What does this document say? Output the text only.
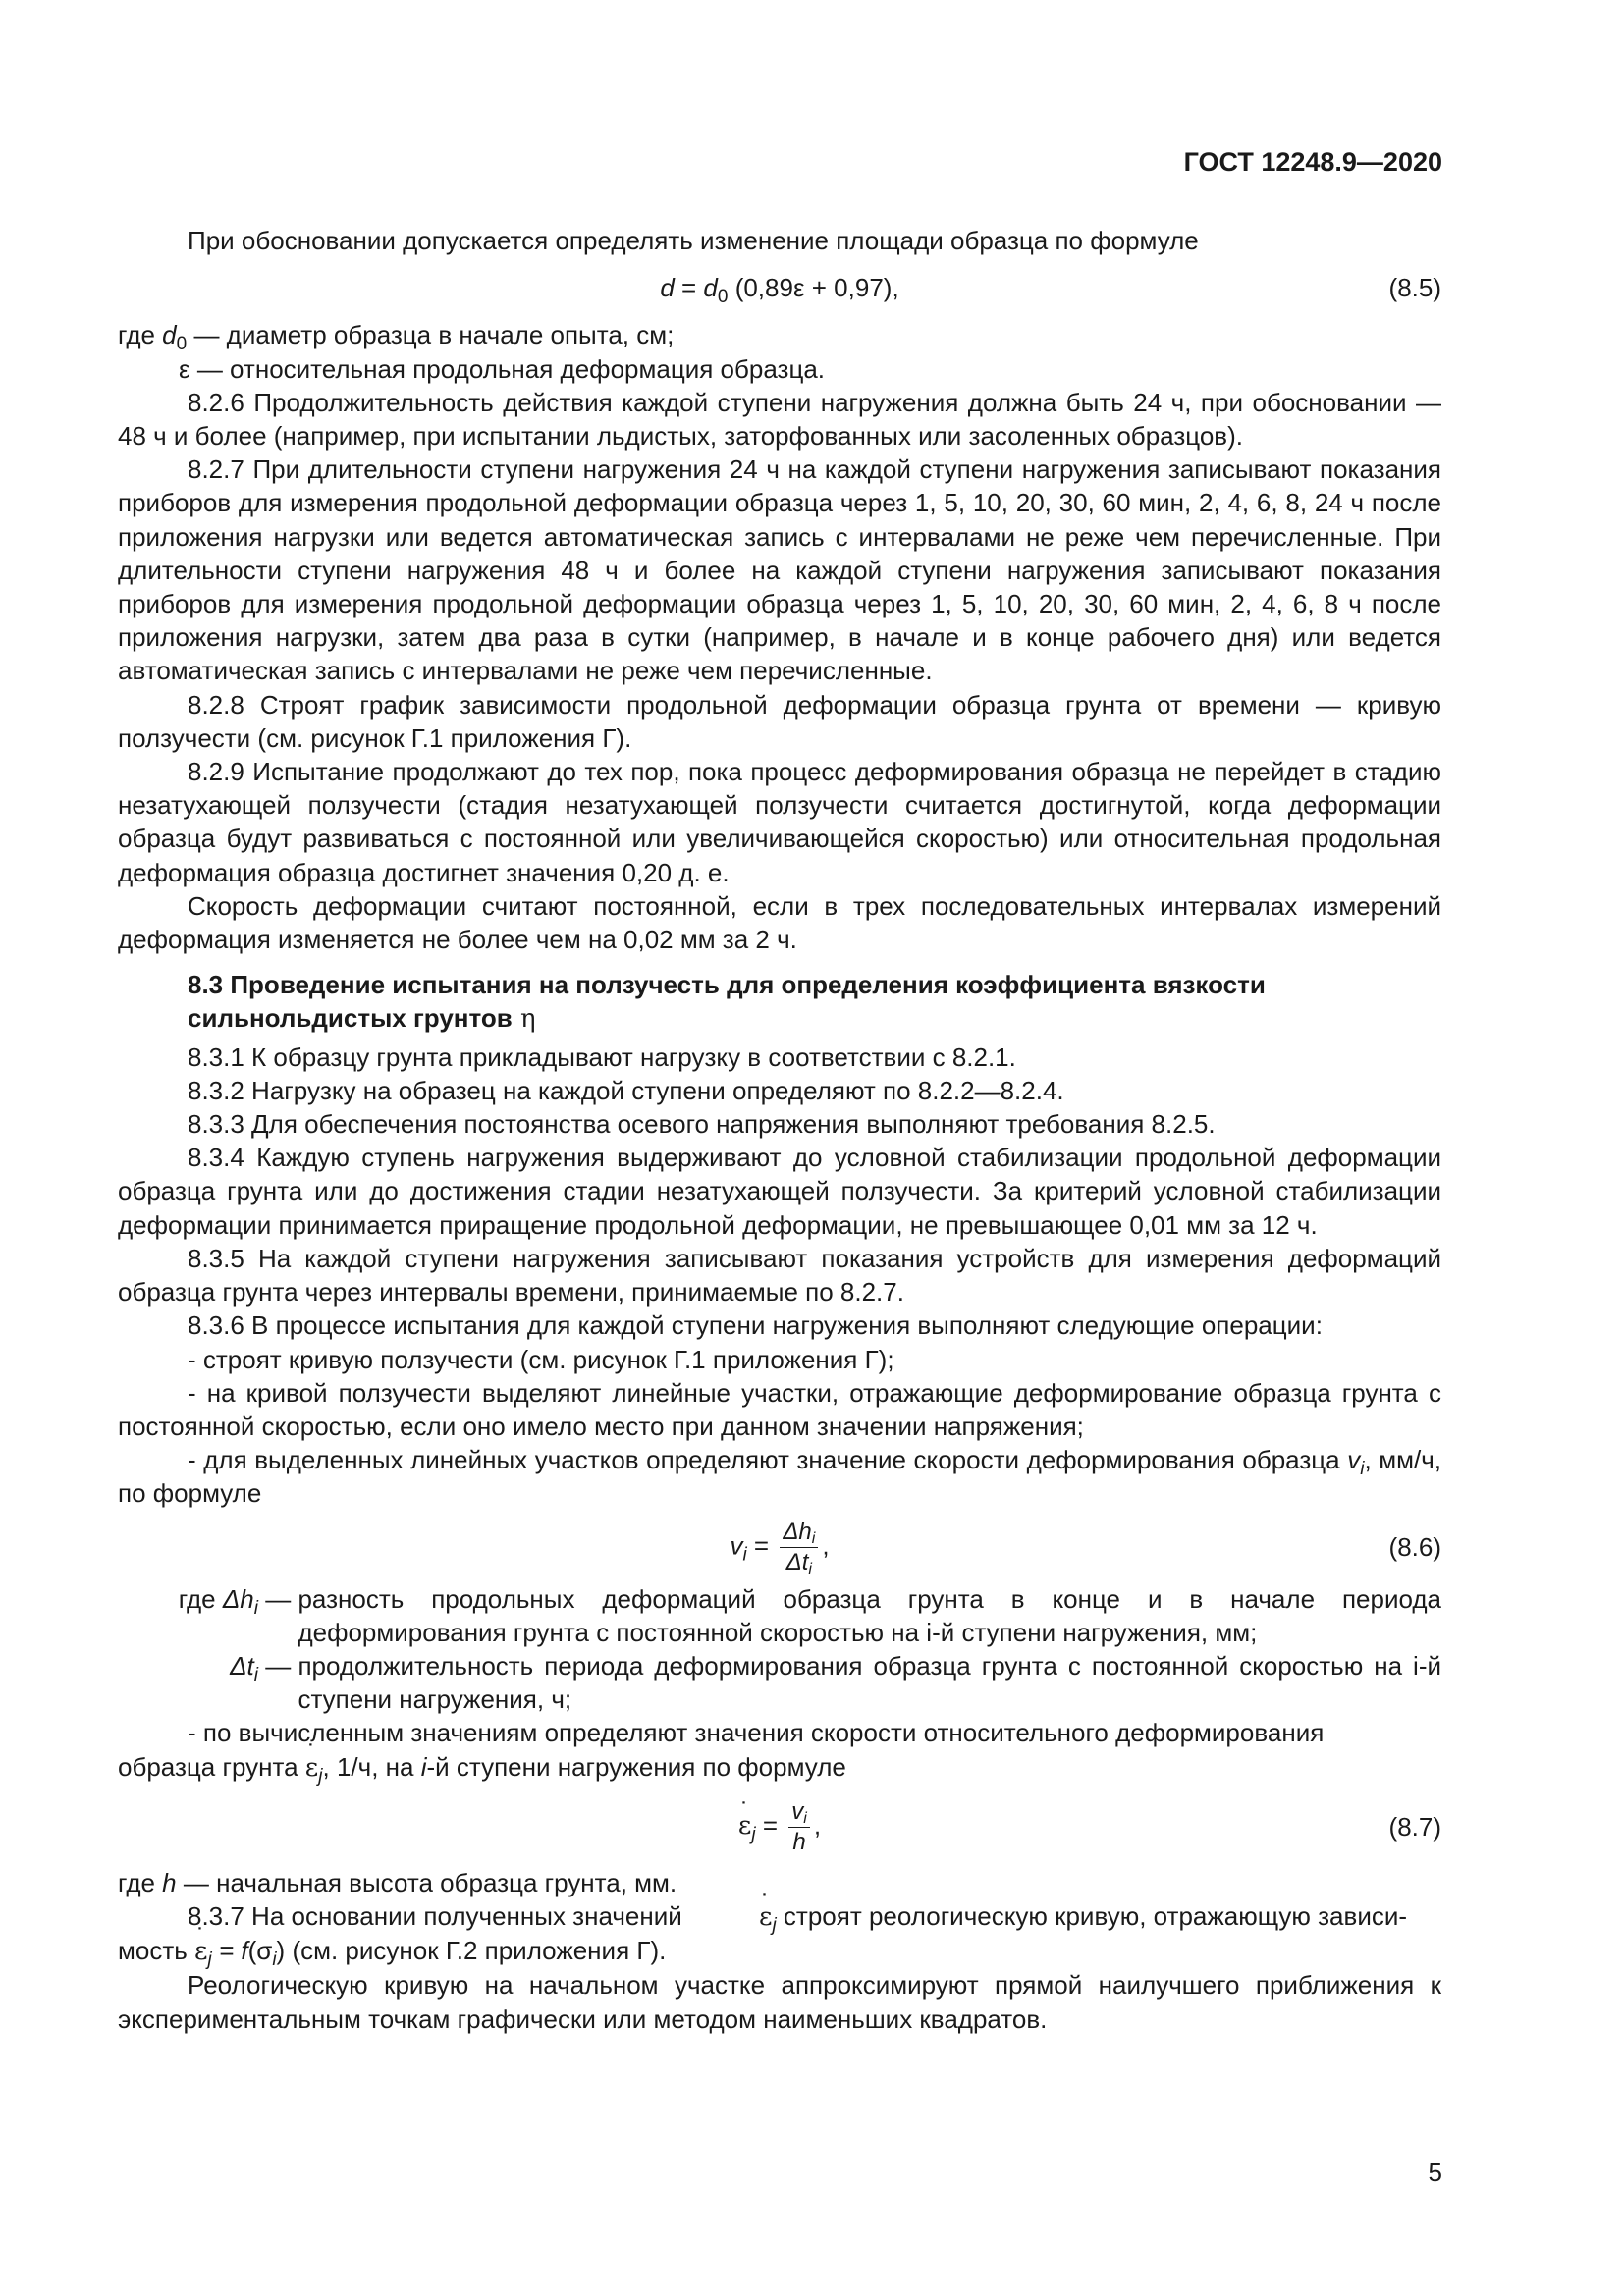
ГОСТ 12248.9—2020

При обосновании допускается определять изменение площади образца по формуле

$d = d_0$ (0,89ε + 0,97),	(8.5)

где $d_0$ — диаметр образца в начале опыта, см;

ε — относительная продольная деформация образца.

8.2.6 Продолжительность действия каждой ступени нагружения должна быть 24 ч, при обосновании — 48 ч и более (например, при испытании льдистых, заторфованных или засоленных образцов).

8.2.7 При длительности ступени нагружения 24 ч на каждой ступени нагружения записывают показания приборов для измерения продольной деформации образца через 1, 5, 10, 20, 30, 60 мин, 2, 4, 6, 8, 24 ч после приложения нагрузки или ведется автоматическая запись с интервалами не реже чем перечисленные. При длительности ступени нагружения 48 ч и более на каждой ступени нагружения записывают показания приборов для измерения продольной деформации образца через 1, 5, 10, 20, 30, 60 мин, 2, 4, 6, 8 ч после приложения нагрузки, затем два раза в сутки (например, в начале и в конце рабочего дня) или ведется автоматическая запись с интервалами не реже чем перечисленные.

8.2.8 Строят график зависимости продольной деформации образца грунта от времени — кривую ползучести (см. рисунок Г.1 приложения Г).

8.2.9 Испытание продолжают до тех пор, пока процесс деформирования образца не перейдет в стадию незатухающей ползучести (стадия незатухающей ползучести считается достигнутой, когда деформации образца будут развиваться с постоянной или увеличивающейся скоростью) или относительная продольная деформация образца достигнет значения 0,20 д. е.

Скорость деформации считают постоянной, если в трех последовательных интервалах измерений деформация изменяется не более чем на 0,02 мм за 2 ч.

8.3 Проведение испытания на ползучесть для определения коэффициента вязкости
сильнольдистых грунтов η

8.3.1 К образцу грунта прикладывают нагрузку в соответствии с 8.2.1.

8.3.2 Нагрузку на образец на каждой ступени определяют по 8.2.2—8.2.4.

8.3.3 Для обеспечения постоянства осевого напряжения выполняют требования 8.2.5.

8.3.4 Каждую ступень нагружения выдерживают до условной стабилизации продольной деформации образца грунта или до достижения стадии незатухающей ползучести. За критерий условной стабилизации деформации принимается приращение продольной деформации, не превышающее 0,01 мм за 12 ч.

8.3.5 На каждой ступени нагружения записывают показания устройств для измерения деформаций образца грунта через интервалы времени, принимаемые по 8.2.7.

8.3.6 В процессе испытания для каждой ступени нагружения выполняют следующие операции:

- строят кривую ползучести (см. рисунок Г.1 приложения Г);

- на кривой ползучести выделяют линейные участки, отражающие деформирование образца грунта с постоянной скоростью, если оно имело место при данном значении напряжения;

- для выделенных линейных участков определяют значение скорости деформирования образца $v_i$, мм/ч, по формуле

$v_i = \frac{\Delta h_i}{\Delta t_i}$ ,	(8.6)
где $\Delta h_i$ — разность продольных деформаций образца грунта в конце и в начале периода деформирования грунта с постоянной скоростью на i-й ступени нагружения, мм;
$\Delta t_i$ — продолжительность периода деформирования образца грунта с постоянной скоростью на i-й ступени нагружения, ч;

- по вычисленным значениям определяют значения скорости относительного деформирования

образца грунта ˙ $\varepsilon_j$, 1/ч, на i-й ступени нагружения по формуле

˙ $\varepsilon_j = \frac{v_i}{h}$ ,	(8.7)

где h — начальная высота образца грунта, мм.

8.3.7 На основании полученных значений ˙	$\varepsilon_j$ строят реологическую кривую, отражающую зависи-

мость ˙ $\varepsilon_j = f(\sigma_i)$ (см. рисунок Г.2 приложения Г).

Реологическую кривую на начальном участке аппроксимируют прямой наилучшего приближения к экспериментальным точкам графически или методом наименьших квадратов.

5
